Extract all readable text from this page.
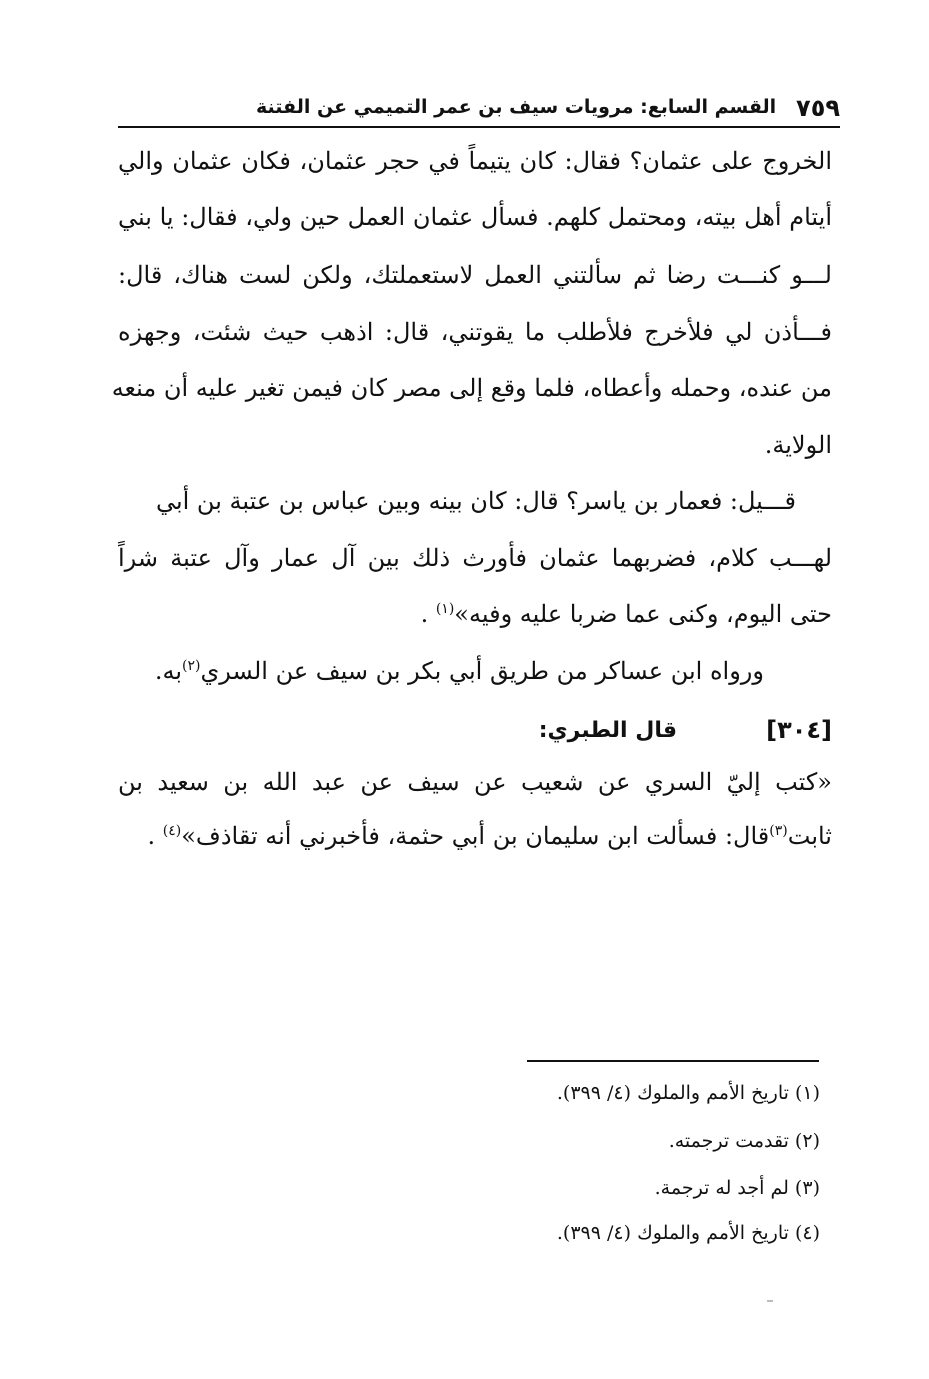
٧٥٩
القسم السابع: مرويات سيف بن عمر التميمي عن الفتنة
الخروج على عثمان؟ فقال: كان يتيماً في حجر عثمان، فكان عثمان والي
أيتام أهل بيته، ومحتمل كلهم. فسأل عثمان العمل حين ولي، فقال: يا بني
لـــو كنـــت رضا ثم سألتني العمل لاستعملتك، ولكن لست هناك، قال:
فـــأذن لي فلأخرج فلأطلب ما يقوتني، قال: اذهب حيث شئت، وجهزه
من عنده، وحمله وأعطاه، فلما وقع إلى مصر كان فيمن تغير عليه أن منعه
الولاية.
قـــيل: فعمار بن ياسر؟ قال: كان بينه وبين عباس بن عتبة بن أبي
لهـــب كلام، فضربهما عثمان فأورث ذلك بين آل عمار وآل عتبة شراً
حتى اليوم، وكنى عما ضربا عليه وفيه»$^{(١)}$ .
ورواه ابن عساكر من طريق أبي بكر بن سيف عن السري$^{(٢)}$به.
[٣٠٤]
قال الطبري:
«كتب إليّ السري عن شعيب عن سيف عن عبد الله بن سعيد بن
ثابت$^{(٣)}$قال: فسألت ابن سليمان بن أبي حثمة، فأخبرني أنه تقاذف»$^{(٤)}$ .
(١) تاريخ الأمم والملوك (٤/ ٣٩٩).
(٢) تقدمت ترجمته.
(٣) لم أجد له ترجمة.
(٤) تاريخ الأمم والملوك (٤/ ٣٩٩).
